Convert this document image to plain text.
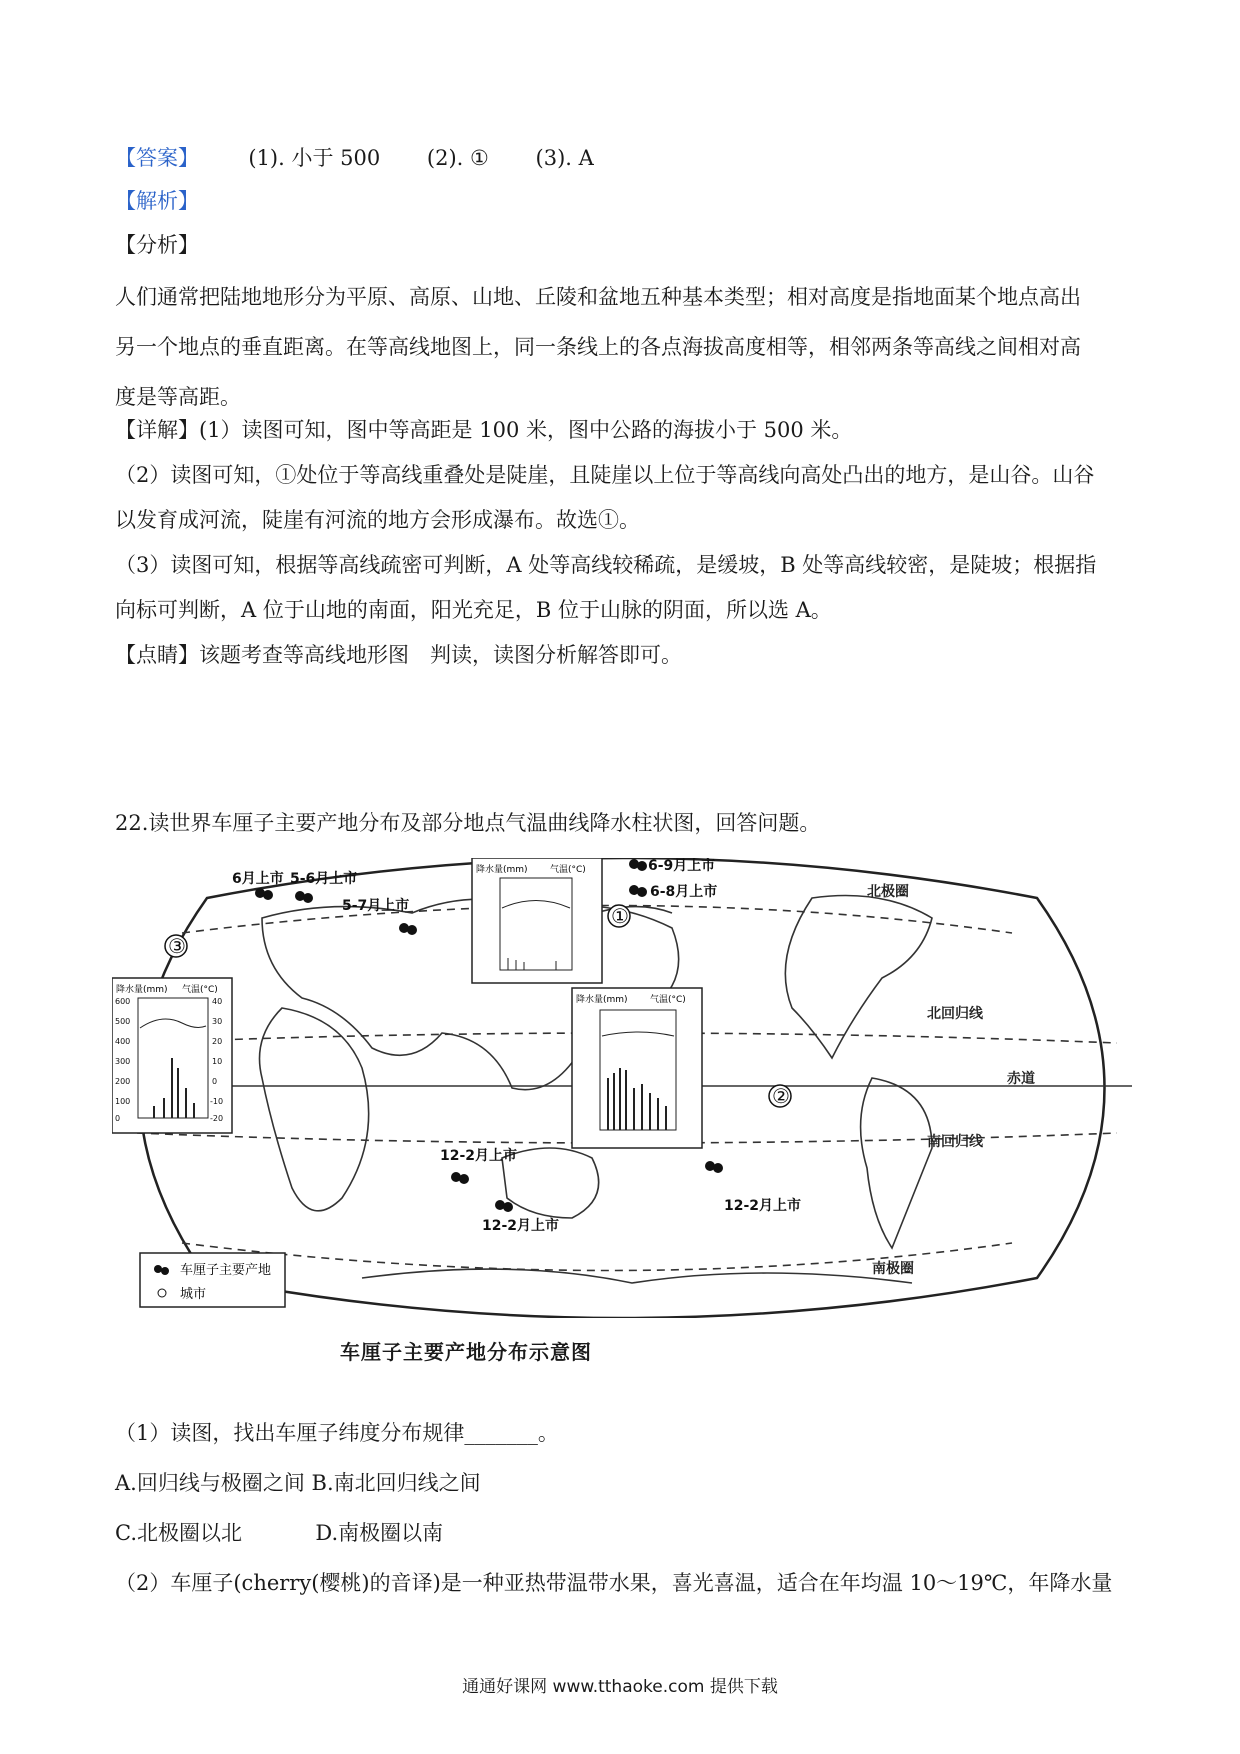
【答案】 (1). 小于 500 (2). ① (3). A
【解析】
【分析】
人们通常把陆地地形分为平原、高原、山地、丘陵和盆地五种基本类型；相对高度是指地面某个地点高出
另一个地点的垂直距离。在等高线地图上，同一条线上的各点海拔高度相等，相邻两条等高线之间相对高
度是等高距。
【详解】(1）读图可知，图中等高距是 100 米，图中公路的海拔小于 500 米。
（2）读图可知，①处位于等高线重叠处是陡崖，且陡崖以上位于等高线向高处凸出的地方，是山谷。山谷
以发育成河流，陡崖有河流的地方会形成瀑布。故选①。
（3）读图可知，根据等高线疏密可判断，A 处等高线较稀疏，是缓坡，B 处等高线较密，是陡坡；根据指
向标可判断，A 位于山地的南面，阳光充足，B 位于山脉的阴面，所以选 A。
【点睛】该题考查等高线地形图　判读，读图分析解答即可。
22.读世界车厘子主要产地分布及部分地点气温曲线降水柱状图，回答问题。
北极圈
北回归线
赤道
南回归线
南极圈
6月上市 5-6月上市
5-7月上市
6-9月上市
6-8月上市
12-2月上市
12-2月上市
12-2月上市
①
②
③
降水量(mm) 气温(°C)
降水量(mm) 气温(°C)
600
500
400
300
200
100
0
40
30
20
10
0
-10
-20
降水量(mm) 气温(°C)
车厘子主要产地
城市
车厘子主要产地分布示意图
（1）读图，找出车厘子纬度分布规律_______。
A.回归线与极圈之间 B.南北回归线之间
C.北极圈以北	D.南极圈以南
（2）车厘子(cherry(樱桃)的音译)是一种亚热带温带水果，喜光喜温，适合在年均温 10～19℃，年降水量
通通好课网 www.tthaoke.com 提供下载
